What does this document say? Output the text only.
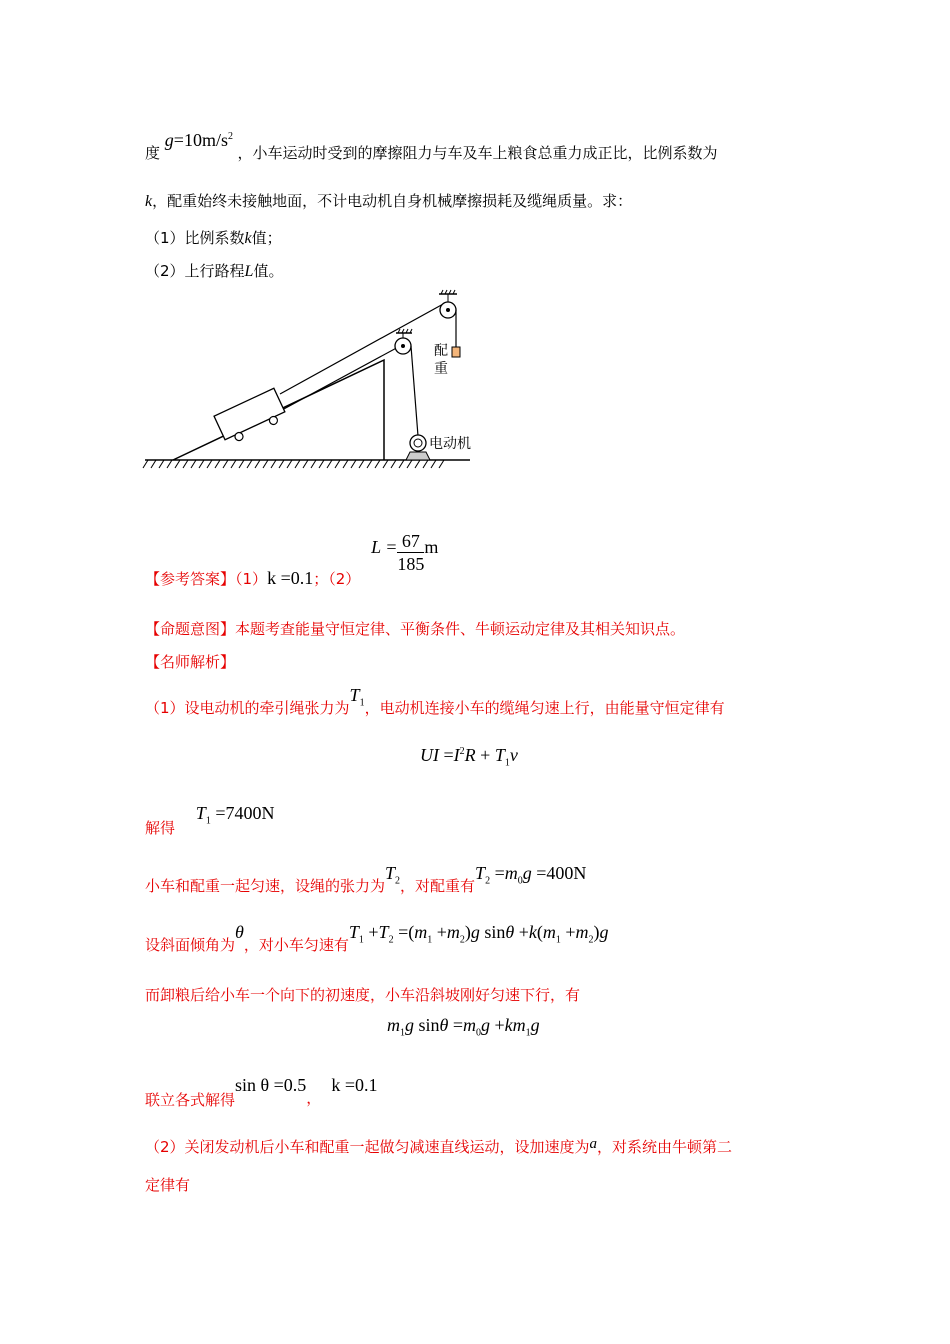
度 $g=10m/s^2$ ，小车运动时受到的摩擦阻力与车及车上粮食总重力成正比，比例系数为
k，配重始终未接触地面，不计电动机自身机械摩擦损耗及缆绳质量。求：
（1）比例系数k值；
（2）上行路程L值。
配
重
电动机
【参考答案】（1）k =0.1；（2） $L = \frac{67}{185}$ m
【命题意图】本题考查能量守恒定律、平衡条件、牛顿运动定律及其相关知识点。
【名师解析】
（1）设电动机的牵引绳张力为$T_1$，电动机连接小车的缆绳匀速上行，由能量守恒定律有
UI $=I^2R + T_1v$
解得 $T_1 =7400N$
小车和配重一起匀速，设绳的张力为$T_2$，对配重有$T_2 =m_0g =400N$
设斜面倾角为θ，对小车匀速有$T_1 +T_2 =(m_1 +m_2)g$ $\sin\theta +k(m_1 +m_2)g$
而卸粮后给小车一个向下的初速度，小车沿斜坡刚好匀速下行，有
$m_1g$ $\sin\theta =m_0g +km_1g$
联立各式解得sin θ =0.5，k =0.1
（2）关闭发动机后小车和配重一起做匀减速直线运动，设加速度为a，对系统由牛顿第二
定律有
